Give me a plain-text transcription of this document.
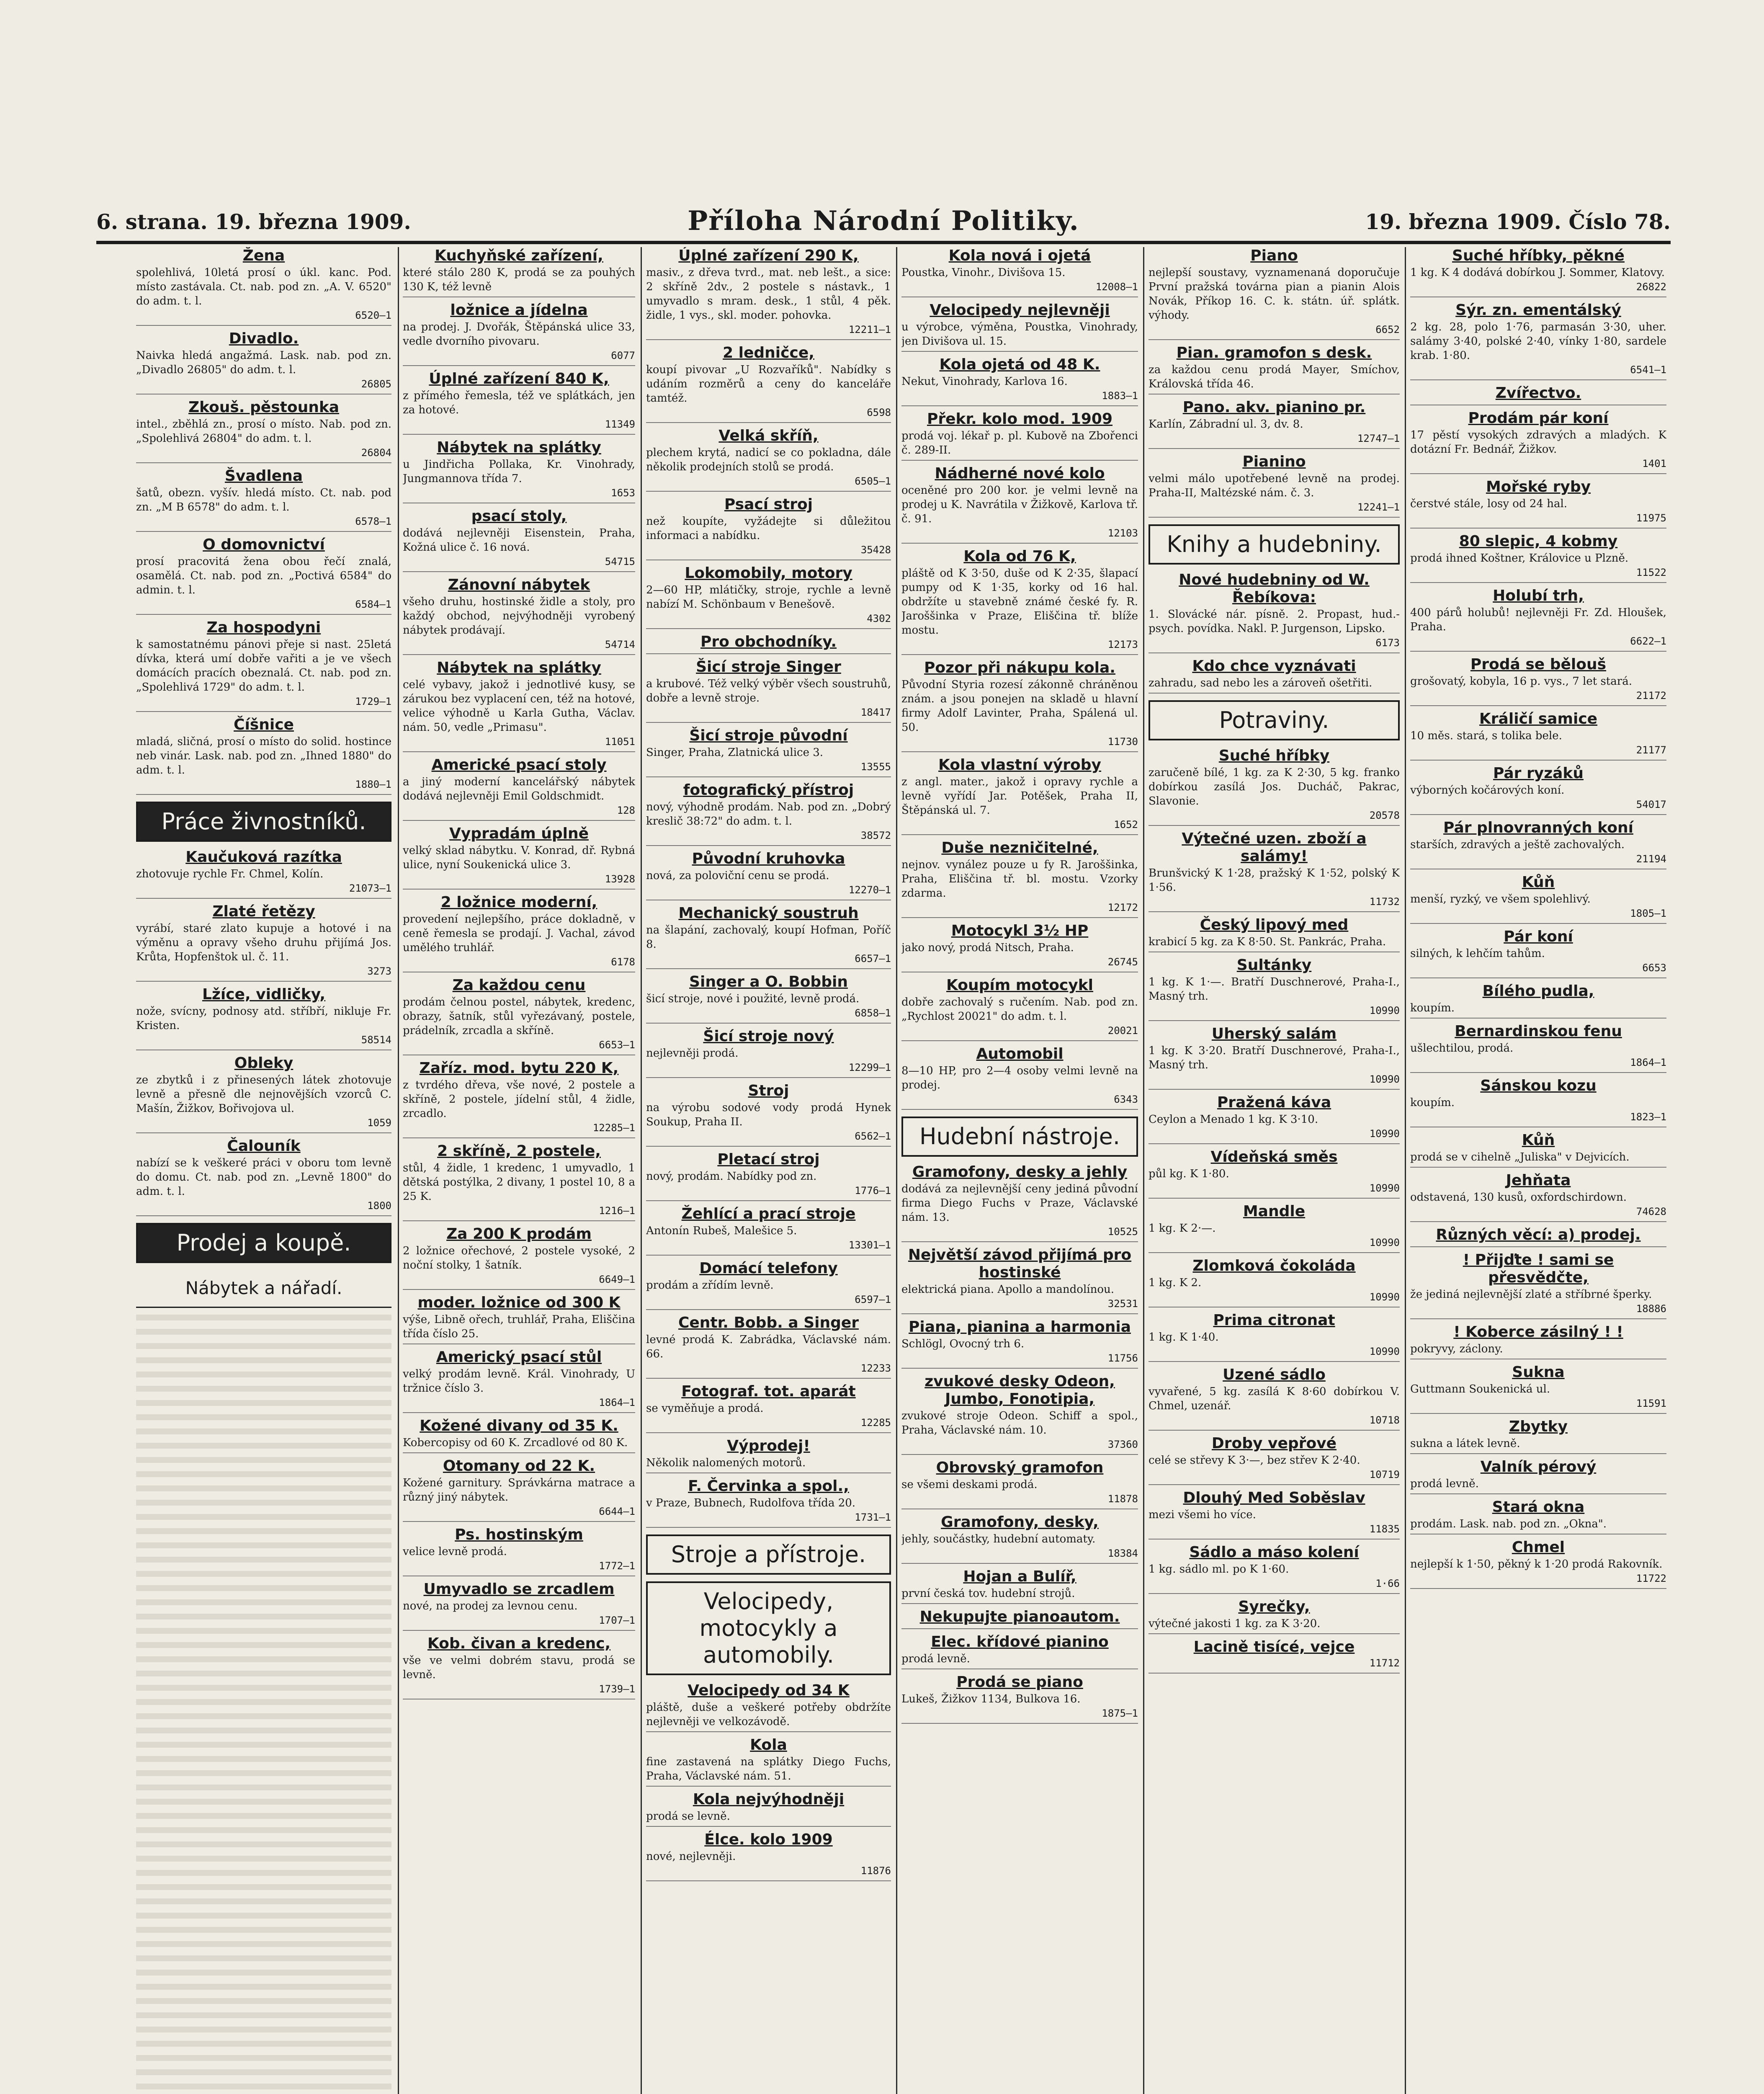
6. strana. 19. března 1909.	Příloha Národní Politiky.	19. března 1909. Číslo 78.
Žena

spolehlivá, 10letá prosí o úkl. kanc. Pod. místo zastávala. Ct. nab. pod zn. „A. V. 6520" do adm. t. l.

6520—1
Divadlo.

Naivka hledá angažmá. Lask. nab. pod zn. „Divadlo 26805" do adm. t. l.

26805
Zkouš. pěstounka

intel., zběhlá zn., prosí o místo. Nab. pod zn. „Spolehlivá 26804" do adm. t. l.

26804
Švadlena

šatů, obezn. vyšív. hledá místo. Ct. nab. pod zn. „M B 6578" do adm. t. l.

6578—1
O domovnictví

prosí pracovitá žena obou řečí znalá, osamělá. Ct. nab. pod zn. „Poctivá 6584" do admin. t. l.

6584—1
Za hospodyni

k samostatnému pánovi přeje si nast. 25letá dívka, která umí dobře vařiti a je ve všech domácích pracích obeznalá. Ct. nab. pod zn. „Spolehlivá 1729" do adm. t. l.

1729—1
Číšnice

mladá, sličná, prosí o místo do solid. hostince neb vinár. Lask. nab. pod zn. „Ihned 1880" do adm. t. l.

1880—1
Práce živnostníků.
Kaučuková razítka

zhotovuje rychle Fr. Chmel, Kolín.

21073—1
Zlaté řetězy

vyrábí, staré zlato kupuje a hotové i na výměnu a opravy všeho druhu přijímá Jos. Krůta, Hopfenštok ul. č. 11.

3273
Lžíce, vidličky,

nože, svícny, podnosy atd. stříbří, nikluje Fr. Kristen.

58514
Obleky

ze zbytků i z přinesených látek zhotovuje levně a přesně dle nejnovějších vzorců C. Mašín, Žižkov, Bořivojova ul.

1059
Čalouník

nabízí se k veškeré práci v oboru tom levně do domu. Ct. nab. pod zn. „Levně 1800" do adm. t. l.

1800
Prodej a koupě.
Nábytek a nářadí.
Kuchyňské zařízení,

které stálo 280 K, prodá se za pouhých 130 K, též levně

ložnice a jídelna

na prodej. J. Dvořák, Štěpánská ulice 33, vedle dvorního pivovaru.

6077
Úplné zařízení 840 K,

z přímého řemesla, též ve splátkách, jen za hotové.

11349
Nábytek na splátky

u Jindřicha Pollaka, Kr. Vinohrady, Jungmannova třída 7.

1653
psací stoly,

dodává nejlevněji Eisenstein, Praha, Kožná ulice č. 16 nová.

54715
Zánovní nábytek

všeho druhu, hostinské židle a stoly, pro každý obchod, nejvýhodněji vyrobený nábytek prodávají.

54714
Nábytek na splátky

celé vybavy, jakož i jednotlivé kusy, se zárukou bez vyplacení cen, též na hotové, velice výhodně u Karla Gutha, Václav. nám. 50, vedle „Primasu".

11051
Americké psací stoly

a jiný moderní kancelářský nábytek dodává nejlevněji Emil Goldschmidt.

128
Vypradám úplně

velký sklad nábytku. V. Konrad, dř. Rybná ulice, nyní Soukenická ulice 3.

13928
2 ložnice moderní,

provedení nejlepšího, práce dokladně, v ceně řemesla se prodají. J. Vachal, závod umělého truhlář.

6178
Za každou cenu

prodám čelnou postel, nábytek, kredenc, obrazy, šatník, stůl vyřezávaný, postele, prádelník, zrcadla a skříně.

6653—1
Zaříz. mod. bytu 220 K,

z tvrdého dřeva, vše nové, 2 postele a skříně, 2 postele, jídelní stůl, 4 židle, zrcadlo.

12285—1
2 skříně, 2 postele,

stůl, 4 židle, 1 kredenc, 1 umyvadlo, 1 dětská postýlka, 2 divany, 1 postel 10, 8 a 25 K.

1216—1
Za 200 K prodám

2 ložnice ořechové, 2 postele vysoké, 2 noční stolky, 1 šatník.

6649—1
moder. ložnice od 300 K

výše, Libně ořech, truhlář, Praha, Eliščina třída číslo 25.

Americký psací stůl

velký prodám levně. Král. Vinohrady, U tržnice číslo 3.

1864—1
Kožené divany od 35 K.

Kobercopisy od 60 K. Zrcadlové od 80 K.

Otomany od 22 K.

Kožené garnitury. Správkárna matrace a různý jiný nábytek.

6644—1
Ps. hostinským

velice levně prodá.

1772—1
Umyvadlo se zrcadlem

nové, na prodej za levnou cenu.

1707—1
Kob. čivan a kredenc,

vše ve velmi dobrém stavu, prodá se levně.

1739—1
Úplné zařízení 290 K,

masiv., z dřeva tvrd., mat. neb lešt., a sice: 2 skříně 2dv., 2 postele s nástavk., 1 umyvadlo s mram. desk., 1 stůl, 4 pěk. židle, 1 vys., skl. moder. pohovka.

12211—1
2 ledničce,

koupí pivovar „U Rozvaříků". Nabídky s udáním rozměrů a ceny do kanceláře tamtéž.

6598
Velká skříň,

plechem krytá, nadicí se co pokladna, dále několik prodejních stolů se prodá.

6505—1
Psací stroj

než koupíte, vyžádejte si důležitou informaci a nabídku.

35428
Lokomobily, motory

2—60 HP, mlátičky, stroje, rychle a levně nabízí M. Schönbaum v Benešově.

4302
Pro obchodníky.
Šicí stroje Singer

a krubové. Též velký výběr všech soustruhů, dobře a levně stroje.

18417
Šicí stroje původní

Singer, Praha, Zlatnická ulice 3.

13555
fotografický přístroj

nový, výhodně prodám. Nab. pod zn. „Dobrý kreslič 38:72" do adm. t. l.

38572
Původní kruhovka

nová, za poloviční cenu se prodá.

12270—1
Mechanický soustruh

na šlapání, zachovalý, koupí Hofman, Poříč 8.

6657—1
Singer a O. Bobbin

šicí stroje, nové i použité, levně prodá.

6858—1
Šicí stroje nový

nejlevněji prodá.

12299—1
Stroj

na výrobu sodové vody prodá Hynek Soukup, Praha II.

6562—1
Pletací stroj

nový, prodám. Nabídky pod zn.

1776—1
Žehlící a prací stroje

Antonín Rubeš, Malešice 5.

13301—1
Domácí telefony

prodám a zřídím levně.

6597—1
Centr. Bobb. a Singer

levné prodá K. Zabrádka, Václavské nám. 66.

12233
Fotograf. tot. aparát

se vyměňuje a prodá.

12285
Výprodej!

Několik nalomených motorů.

F. Červinka a spol.,

v Praze, Bubnech, Rudolfova třída 20.

1731—1
Stroje a přístroje.
Velocipedy, motocykly a automobily.
Velocipedy od 34 K

pláště, duše a veškeré potřeby obdržíte nejlevněji ve velkozávodě.

Kola

fine zastavená na splátky Diego Fuchs, Praha, Václavské nám. 51.

Kola nejvýhodněji

prodá se levně.

Élce. kolo 1909

nové, nejlevněji.

11876
Kola nová i ojetá

Poustka, Vinohr., Divišova 15.

12008—1
Velocipedy nejlevněji

u výrobce, výměna, Poustka, Vinohrady, jen Divišova ul. 15.

Kola ojetá od 48 K.

Nekut, Vinohrady, Karlova 16.

1883—1
Překr. kolo mod. 1909

prodá voj. lékař p. pl. Kubově na Zbořenci č. 289-II.

Nádherné nové kolo

oceněné pro 200 kor. je velmi levně na prodej u K. Navrátila v Žižkově, Karlova tř. č. 91.

12103
Kola od 76 K,

pláště od K 3·50, duše od K 2·35, šlapací pumpy od K 1·35, korky od 16 hal. obdržíte u stavebně známé české fy. R. Jaroššinka v Praze, Eliščina tř. blíže mostu.

12173
Pozor při nákupu kola.

Původní Styria rozesí zákonně chráněnou znám. a jsou ponejen na skladě u hlavní firmy Adolf Lavinter, Praha, Spálená ul. 50.

11730
Kola vlastní výroby

z angl. mater., jakož i opravy rychle a levně vyřídí Jar. Potěšek, Praha II, Štěpánská ul. 7.

1652
Duše nezničitelné,

nejnov. vynález pouze u fy R. Jaroššinka, Praha, Eliščina tř. bl. mostu. Vzorky zdarma.

12172
Motocykl 3½ HP

jako nový, prodá Nitsch, Praha.

26745
Koupím motocykl

dobře zachovalý s ručením. Nab. pod zn. „Rychlost 20021" do adm. t. l.

20021
Automobil

8—10 HP, pro 2—4 osoby velmi levně na prodej.

6343
Hudební nástroje.
Gramofony, desky a jehly

dodává za nejlevnější ceny jediná původní firma Diego Fuchs v Praze, Václavské nám. 13.

10525
Největší závod přijímá pro hostinské

elektrická piana. Apollo a mandolínou.

32531
Piana, pianina a harmonia

Schlögl, Ovocný trh 6.

11756
zvukové desky Odeon, Jumbo, Fonotipia,

zvukové stroje Odeon. Schiff a spol., Praha, Václavské nám. 10.

37360
Obrovský gramofon

se všemi deskami prodá.

11878
Gramofony, desky,

jehly, součástky, hudební automaty.

18384
Hojan a Bulíř,

první česká tov. hudební strojů.

Nekupujte pianoautom.
Elec. křídové pianino

prodá levně.

Prodá se piano

Lukeš, Žižkov 1134, Bulkova 16.

1875—1
Piano

nejlepší soustavy, vyznamenaná doporučuje První pražská továrna pian a pianin Alois Novák, Příkop 16. C. k. státn. úř. splátk. výhody.

6652
Pian. gramofon s desk.

za každou cenu prodá Mayer, Smíchov, Královská třída 46.

Pano. akv. pianino pr.

Karlín, Zábradní ul. 3, dv. 8.

12747—1
Pianino

velmi málo upotřebené levně na prodej. Praha-II, Maltézské nám. č. 3.

12241—1
Knihy a hudebniny.
Nové hudebniny od W. Řebíkova:

1. Slovácké nár. písně. 2. Propast, hud.-psych. povídka. Nakl. P. Jurgenson, Lipsko.

6173
Kdo chce vyznávati

zahradu, sad nebo les a zároveň ošetřiti.

Potraviny.
Suché hříbky

zaručeně bílé, 1 kg. za K 2·30, 5 kg. franko dobírkou zasílá Jos. Ducháč, Pakrac, Slavonie.

20578
Výtečné uzen. zboží a salámy!

Brunšvický K 1·28, pražský K 1·52, polský K 1·56.

11732
Český lipový med

krabicí 5 kg. za K 8·50. St. Pankrác, Praha.

Sultánky

1 kg. K 1·—. Bratří Duschnerové, Praha-I., Masný trh.

10990
Uherský salám

1 kg. K 3·20. Bratří Duschnerové, Praha-I., Masný trh.

10990
Pražená káva

Ceylon a Menado 1 kg. K 3·10.

10990
Vídeňská směs

půl kg. K 1·80.

10990
Mandle

1 kg. K 2·—.

10990
Zlomková čokoláda

1 kg. K 2.

10990
Prima citronat

1 kg. K 1·40.

10990
Uzené sádlo

vyvařené, 5 kg. zasílá K 8·60 dobírkou V. Chmel, uzenář.

10718
Droby vepřové

celé se střevy K 3·—, bez střev K 2·40.

10719
Dlouhý Med Soběslav

mezi všemi ho více.

11835
Sádlo a máso kolení

1 kg. sádlo ml. po K 1·60.

1·66
Syrečky,

výtečné jakosti 1 kg. za K 3·20.

Lacině tisícé, vejce
11712
Suché hříbky, pěkné

1 kg. K 4 dodává dobírkou J. Sommer, Klatovy.

26822
Sýr. zn. ementálský

2 kg. 28, polo 1·76, parmasán 3·30, uher. salámy 3·40, polské 2·40, vínky 1·80, sardele krab. 1·80.

6541—1
Zvířectvo.
Prodám pár koní

17 pěstí vysokých zdravých a mladých. K dotázní Fr. Bednář, Žižkov.

1401
Mořské ryby

čerstvé stále, losy od 24 hal.

11975
80 slepic, 4 kobmy

prodá ihned Koštner, Královice u Plzně.

11522
Holubí trh,

400 párů holubů! nejlevněji Fr. Zd. Hloušek, Praha.

6622—1
Prodá se bělouš

grošovatý, kobyla, 16 p. vys., 7 let stará.

21172
Králičí samice

10 měs. stará, s tolika bele.

21177
Pár ryzáků

výborných kočárových koní.

54017
Pár plnovranných koní

starších, zdravých a ještě zachovalých.

21194
Kůň

menší, ryzký, ve všem spolehlivý.

1805—1
Pár koní

silných, k lehčím tahům.

6653
Bílého pudla,

koupím.

Bernardinskou fenu

ušlechtilou, prodá.

1864—1
Sánskou kozu

koupím.

1823—1
Kůň

prodá se v cihelně „Juliska" v Dejvicích.

Jehňata

odstavená, 130 kusů, oxfordschirdown.

74628
Různých věcí: a) prodej.
! Přijďte ! sami se přesvědčte,

že jediná nejlevnější zlaté a stříbrné šperky.

18886
! Koberce zásilný ! !

pokryvy, záclony.

Sukna

Guttmann Soukenická ul.

11591
Zbytky

sukna a látek levně.

Valník pérový

prodá levně.

Stará okna

prodám. Lask. nab. pod zn. „Okna".

Chmel

nejlepší k 1·50, pěkný k 1·20 prodá Rakovník.

11722
